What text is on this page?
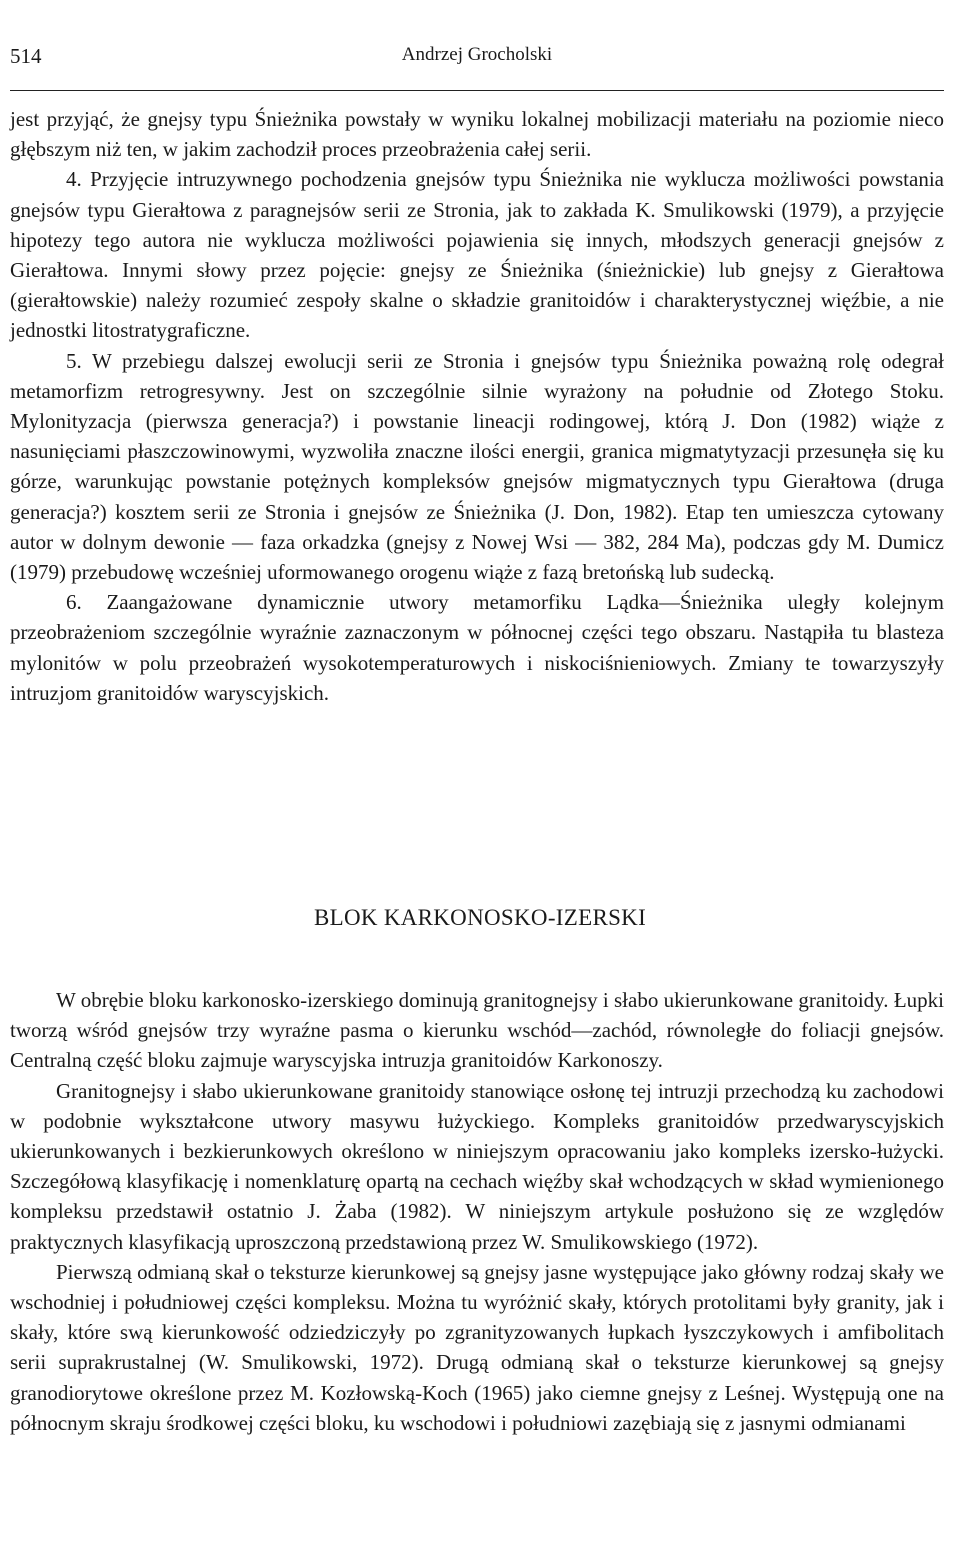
514	Andrzej Grocholski

jest przyjąć, że gnejsy typu Śnieżnika powstały w wyniku lokalnej mobilizacji materiału na poziomie nieco głębszym niż ten, w jakim zachodził proces przeobrażenia całej serii.

4. Przyjęcie intruzywnego pochodzenia gnejsów typu Śnieżnika nie wyklucza możliwości powstania gnejsów typu Gierałtowa z paragnejsów serii ze Stronia, jak to zakłada K. Smulikowski (1979), a przyjęcie hipotezy tego autora nie wyklucza możliwości pojawienia się innych, młodszych generacji gnejsów z Gierałtowa. Innymi słowy przez pojęcie: gnejsy ze Śnieżnika (śnieżnickie) lub gnejsy z Gierałtowa (gierałtowskie) należy rozumieć zespoły skalne o składzie granitoidów i charakterystycznej więźbie, a nie jednostki litostratygraficzne.

5. W przebiegu dalszej ewolucji serii ze Stronia i gnejsów typu Śnieżnika poważną rolę odegrał metamorfizm retrogresywny. Jest on szczególnie silnie wyrażony na południe od Złotego Stoku. Mylonityzacja (pierwsza generacja?) i powstanie lineacji rodingowej, którą J. Don (1982) wiąże z nasunięciami płaszczowinowymi, wyzwoliła znaczne ilości energii, granica migmatytyzacji przesunęła się ku górze, warunkując powstanie potężnych kompleksów gnejsów migmatycznych typu Gierałtowa (druga generacja?) kosztem serii ze Stronia i gnejsów ze Śnieżnika (J. Don, 1982). Etap ten umieszcza cytowany autor w dolnym dewonie — faza orkadzka (gnejsy z Nowej Wsi — 382, 284 Ma), podczas gdy M. Dumicz (1979) przebudowę wcześniej uformowanego orogenu wiąże z fazą bretońską lub sudecką.

6. Zaangażowane dynamicznie utwory metamorfiku Lądka—Śnieżnika uległy kolejnym przeobrażeniom szczególnie wyraźnie zaznaczonym w północnej części tego obszaru. Nastąpiła tu blasteza mylonitów w polu przeobrażeń wysokotemperaturowych i niskociśnieniowych. Zmiany te towarzyszyły intruzjom granitoidów waryscyjskich.

BLOK KARKONOSKO-IZERSKI

W obrębie bloku karkonosko-izerskiego dominują granitognejsy i słabo ukierunkowane granitoidy. Łupki tworzą wśród gnejsów trzy wyraźne pasma o kierunku wschód—zachód, równoległe do foliacji gnejsów. Centralną część bloku zajmuje waryscyjska intruzja granitoidów Karkonoszy.

Granitognejsy i słabo ukierunkowane granitoidy stanowiące osłonę tej intruzji przechodzą ku zachodowi w podobnie wykształcone utwory masywu łużyckiego. Kompleks granitoidów przedwaryscyjskich ukierunkowanych i bezkierunkowych określono w niniejszym opracowaniu jako kompleks izersko-łużycki. Szczegółową klasyfikację i nomenklaturę opartą na cechach więźby skał wchodzących w skład wymienionego kompleksu przedstawił ostatnio J. Żaba (1982). W niniejszym artykule posłużono się ze względów praktycznych klasyfikacją uproszczoną przedstawioną przez W. Smulikowskiego (1972).

Pierwszą odmianą skał o teksturze kierunkowej są gnejsy jasne występujące jako główny rodzaj skały we wschodniej i południowej części kompleksu. Można tu wyróżnić skały, których protolitami były granity, jak i skały, które swą kierunkowość odziedziczyły po zgranityzowanych łupkach łyszczykowych i amfibolitach serii suprakrustalnej (W. Smulikowski, 1972). Drugą odmianą skał o teksturze kierunkowej są gnejsy granodiorytowe określone przez M. Kozłowską-Koch (1965) jako ciemne gnejsy z Leśnej. Występują one na północnym skraju środkowej części bloku, ku wschodowi i południowi zazębiają się z jasnymi odmianami
